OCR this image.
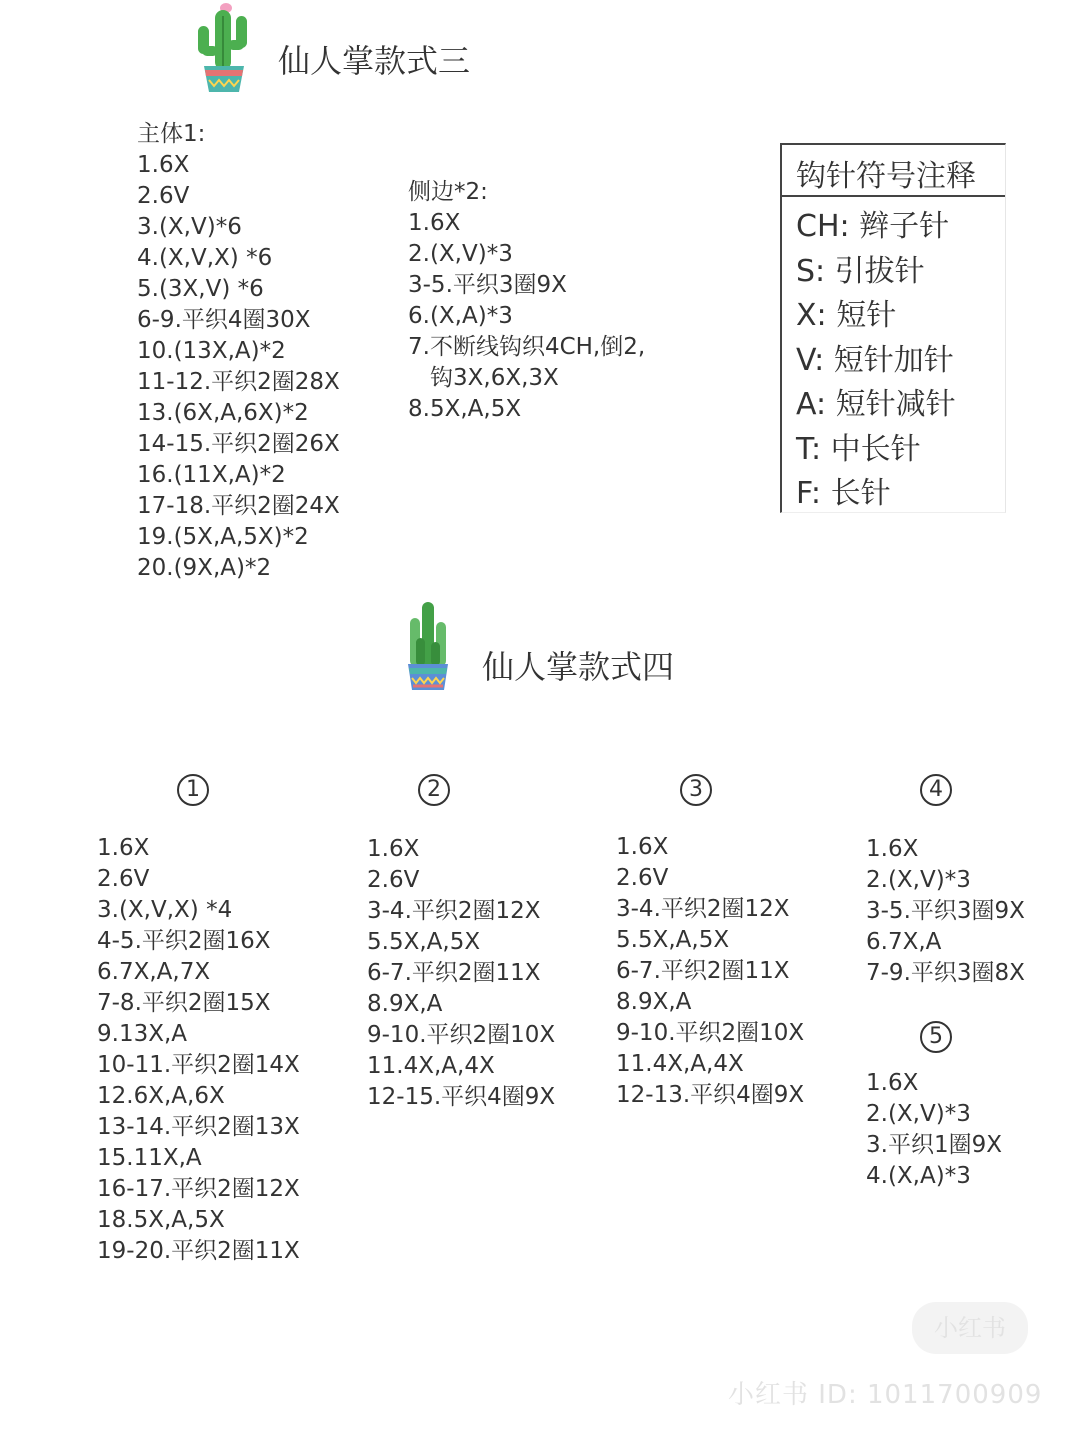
仙人掌款式三
主体1:
1.6X
2.6V
3.(X,V)*6
4.(X,V,X) *6
5.(3X,V) *6
6-9.平织4圈30X
10.(13X,A)*2
11-12.平织2圈28X
13.(6X,A,6X)*2
14-15.平织2圈26X
16.(11X,A)*2
17-18.平织2圈24X
19.(5X,A,5X)*2
20.(9X,A)*2
侧边*2:
1.6X
2.(X,V)*3
3-5.平织3圈9X
6.(X,A)*3
7.不断线钩织4CH,倒2,
钩3X,6X,3X
8.5X,A,5X
钩针符号注释
CH: 辫子针
S: 引拔针
X: 短针
V: 短针加针
A: 短针减针
T: 中长针
F: 长针
仙人掌款式四
1
1.6X
2.6V
3.(X,V,X) *4
4-5.平织2圈16X
6.7X,A,7X
7-8.平织2圈15X
9.13X,A
10-11.平织2圈14X
12.6X,A,6X
13-14.平织2圈13X
15.11X,A
16-17.平织2圈12X
18.5X,A,5X
19-20.平织2圈11X
2
1.6X
2.6V
3-4.平织2圈12X
5.5X,A,5X
6-7.平织2圈11X
8.9X,A
9-10.平织2圈10X
11.4X,A,4X
12-15.平织4圈9X
3
1.6X
2.6V
3-4.平织2圈12X
5.5X,A,5X
6-7.平织2圈11X
8.9X,A
9-10.平织2圈10X
11.4X,A,4X
12-13.平织4圈9X
4
1.6X
2.(X,V)*3
3-5.平织3圈9X
6.7X,A
7-9.平织3圈8X
5
1.6X
2.(X,V)*3
3.平织1圈9X
4.(X,A)*3
小红书
小红书 ID: 1011700909
